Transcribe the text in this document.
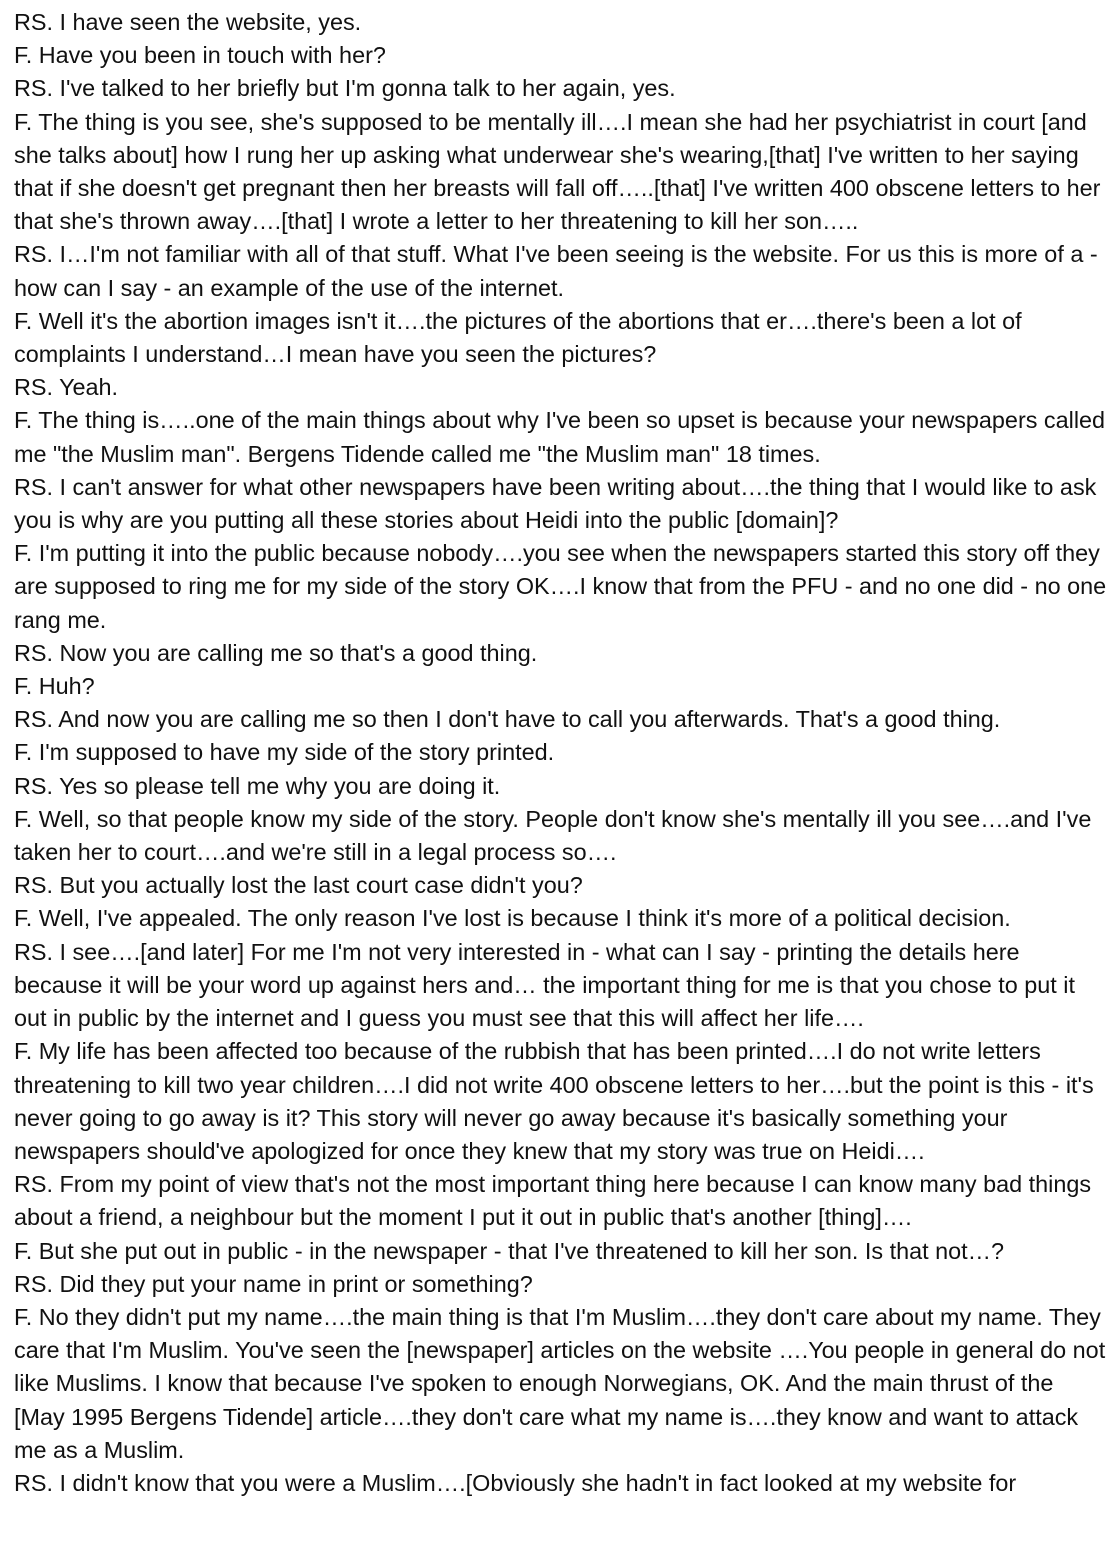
RS. I have seen the website, yes.

F. Have you been in touch with her?

RS. I've talked to her briefly but I'm gonna talk to her again, yes.

F. The thing is you see, she's supposed to be mentally ill….I mean she had her psychiatrist in court [and she talks about] how I rung her up asking what underwear she's wearing,[that] I've written to her saying that if she doesn't get pregnant then her breasts will fall off…..[that] I've written 400 obscene letters to her that she's thrown away….[that] I wrote a letter to her threatening to kill her son…..

RS. I…I'm not familiar with all of that stuff. What I've been seeing is the website. For us this is more of a - how can I say - an example of the use of the internet.

F. Well it's the abortion images isn't it….the pictures of the abortions that er….there's been a lot of complaints I understand…I mean have you seen the pictures?

RS. Yeah.

F. The thing is…..one of the main things about why I've been so upset is because your newspapers called me "the Muslim man". Bergens Tidende called me "the Muslim man" 18 times.

RS. I can't answer for what other newspapers have been writing about….the thing that I would like to ask you is why are you putting all these stories about Heidi into the public [domain]?

F. I'm putting it into the public because nobody….you see when the newspapers started this story off they are supposed to ring me for my side of the story OK….I know that from the PFU - and no one did - no one rang me.

RS. Now you are calling me so that's a good thing.

F. Huh?

RS. And now you are calling me so then I don't have to call you afterwards. That's a good thing.

F. I'm supposed to have my side of the story printed.

RS. Yes so please tell me why you are doing it.

F. Well, so that people know my side of the story. People don't know she's mentally ill you see….and I've taken her to court….and we're still in a legal process so….

RS. But you actually lost the last court case didn't you?

F. Well, I've appealed. The only reason I've lost is because I think it's more of a political decision.

RS. I see….[and later] For me I'm not very interested in - what can I say - printing the details here because it will be your word up against hers and… the important thing for me is that you chose to put it out in public by the internet and I guess you must see that this will affect her life….

F. My life has been affected too because of the rubbish that has been printed….I do not write letters threatening to kill two year children….I did not write 400 obscene letters to her….but the point is this - it's never going to go away is it? This story will never go away because it's basically something your newspapers should've apologized for once they knew that my story was true on Heidi….

RS. From my point of view that's not the most important thing here because I can know many bad things about a friend, a neighbour but the moment I put it out in public that's another [thing]….

F. But she put out in public - in the newspaper - that I've threatened to kill her son. Is that not…?

RS. Did they put your name in print or something?

F. No they didn't put my name….the main thing is that I'm Muslim….they don't care about my name. They care that I'm Muslim. You've seen the [newspaper] articles on the website ….You people in general do not like Muslims. I know that because I've spoken to enough Norwegians, OK. And the main thrust of the [May 1995 Bergens Tidende] article….they don't care what my name is….they know and want to attack me as a Muslim.

RS. I didn't know that you were a Muslim….[Obviously she hadn't in fact looked at my website for
